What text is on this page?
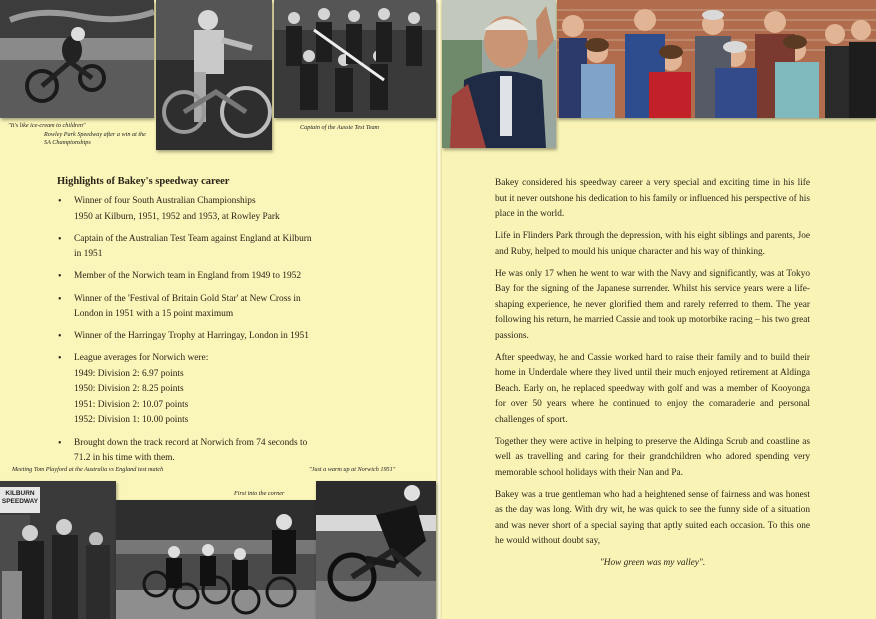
"It's like ice-cream to children"
Rowley Park Speedway after a win at the SA Championships
Captain of the Aussie Test Team
Highlights of Bakey's speedway career
• Winner of four South Australian Championships
1950 at Kilburn, 1951, 1952 and 1953, at Rowley Park
• Captain of the Australian Test Team against England at Kilburn
in 1951
• Member of the Norwich team in England from 1949 to 1952
• Winner of the 'Festival of Britain Gold Star' at New Cross in
London in 1951 with a 15 point maximum
• Winner of the Harringay Trophy at Harringay, London in 1951
• League averages for Norwich were:
1949: Division 2: 6.97 points
1950: Division 2: 8.25 points
1951: Division 2: 10.07 points
1952: Division 1: 10.00 points
• Brought down the track record at Norwich from 74 seconds to
71.2 in his time with them.
Meeting Tom Playford at the Australia vs England test match	"Just a warm up at Norwich 1951"
First into the corner
KILBURN SPEEDWAY

Bakey considered his speedway career a very special and exciting time in his life but it never outshone his dedication to his family or influenced his perspective of his place in the world.

Life in Flinders Park through the depression, with his eight siblings and parents, Joe and Ruby, helped to mould his unique character and his way of thinking.

He was only 17 when he went to war with the Navy and significantly, was at Tokyo Bay for the signing of the Japanese surrender. Whilst his service years were a life-shaping experience, he never glorified them and rarely referred to them. The year following his return, he married Cassie and took up motorbike racing – his two great passions.

After speedway, he and Cassie worked hard to raise their family and to build their home in Underdale where they lived until their much enjoyed retirement at Aldinga Beach. Early on, he replaced speedway with golf and was a member of Kooyonga for over 50 years where he continued to enjoy the comaraderie and personal challenges of sport.

Together they were active in helping to preserve the Aldinga Scrub and coastline as well as travelling and caring for their grandchildren who adored spending very memorable school holidays with their Nan and Pa.

Bakey was a true gentleman who had a heightened sense of fairness and was honest as the day was long. With dry wit, he was quick to see the funny side of a situation and was never short of a special saying that aptly suited each occasion. To this one he would without doubt say,

"How green was my valley".
